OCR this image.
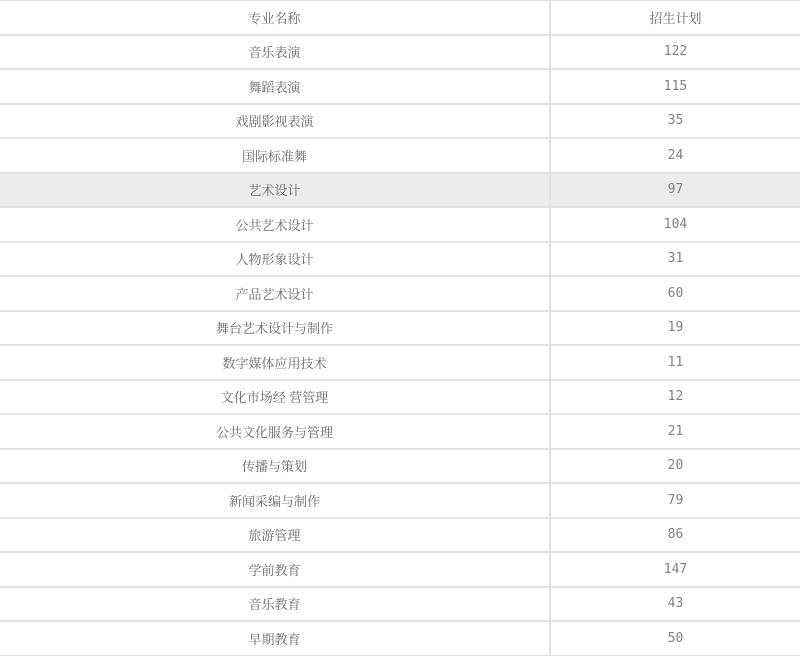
专业名称	招生计划
音乐表演	122
舞蹈表演	115
戏剧影视表演	35
国际标准舞	24
艺术设计	97
公共艺术设计	104
人物形象设计	31
产品艺术设计	60
舞台艺术设计与制作	19
数字媒体应用技术	11
文化市场经 营管理	12
公共文化服务与管理	21
传播与策划	20
新闻采编与制作	79
旅游管理	86
学前教育	147
音乐教育	43
早期教育	50
